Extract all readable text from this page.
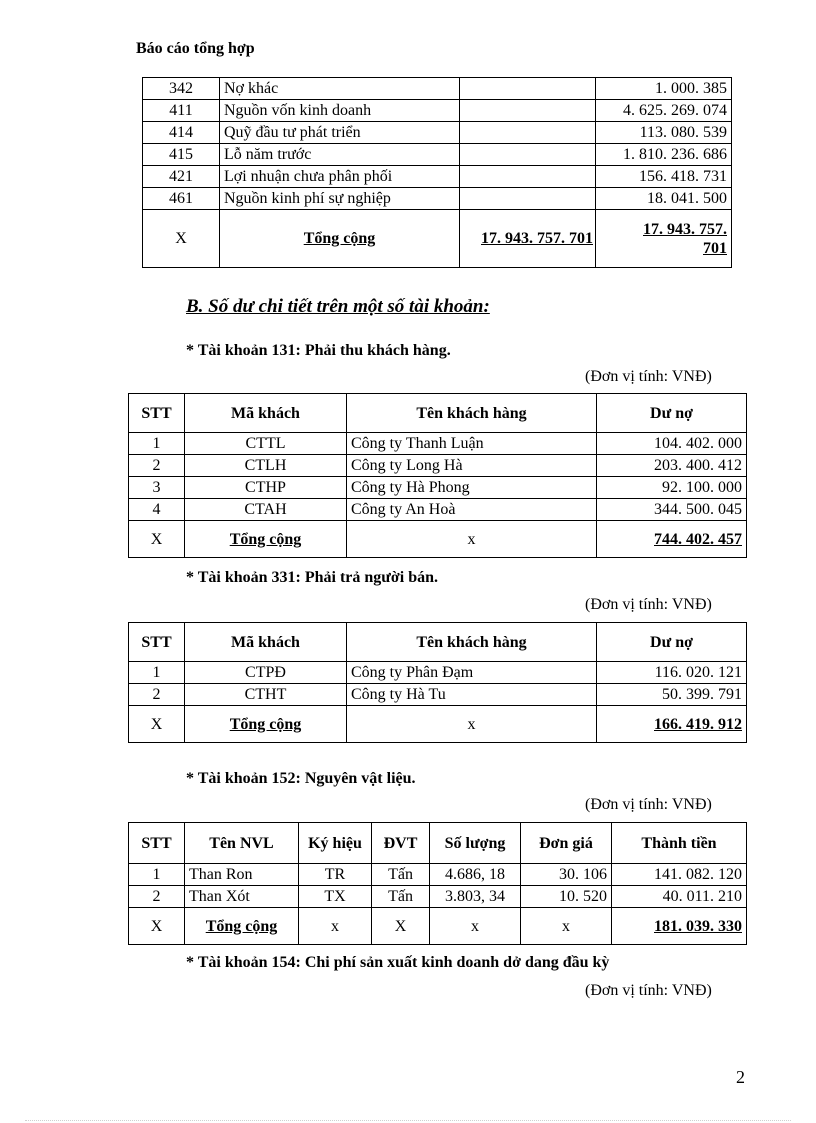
Báo cáo tổng hợp
342	Nợ khác		1. 000. 385
411	Nguồn vốn kinh doanh		4. 625. 269. 074
414	Quỹ đầu tư phát triển		113. 080. 539
415	Lỗ năm trước		1. 810. 236. 686
421	Lợi nhuận chưa phân phối		156. 418. 731
461	Nguồn kinh phí sự nghiệp		18. 041. 500
X	Tổng cộng	17. 943. 757. 701	17. 943. 757.
701
B. Số dư chi tiết trên một số tài khoản:
* Tài khoản 131: Phải thu khách hàng.
(Đơn vị tính: VNĐ)
STT	Mã khách	Tên khách hàng	Dư nợ
1	CTTL	Công ty Thanh Luận	104. 402. 000
2	CTLH	Công ty Long Hà	203. 400. 412
3	CTHP	Công ty Hà Phong	92. 100. 000
4	CTAH	Công ty An Hoà	344. 500. 045
X	Tổng cộng	x	744. 402. 457
* Tài khoản 331: Phải trả người bán.
(Đơn vị tính: VNĐ)
STT	Mã khách	Tên khách hàng	Dư nợ
1	CTPĐ	Công ty Phân Đạm	116. 020. 121
2	CTHT	Công ty Hà Tu	50. 399. 791
X	Tổng cộng	x	166. 419. 912
* Tài khoản 152: Nguyên vật liệu.
(Đơn vị tính: VNĐ)
STT	Tên NVL	Ký hiệu	ĐVT	Số lượng	Đơn giá	Thành tiền
1	Than Ron	TR	Tấn	4.686, 18	30. 106	141. 082. 120
2	Than Xót	TX	Tấn	3.803, 34	10. 520	40. 011. 210
X	Tổng cộng	x	X	x	x	181. 039. 330
* Tài khoản 154: Chi phí sản xuất kinh doanh dở dang đầu kỳ
(Đơn vị tính: VNĐ)
2
